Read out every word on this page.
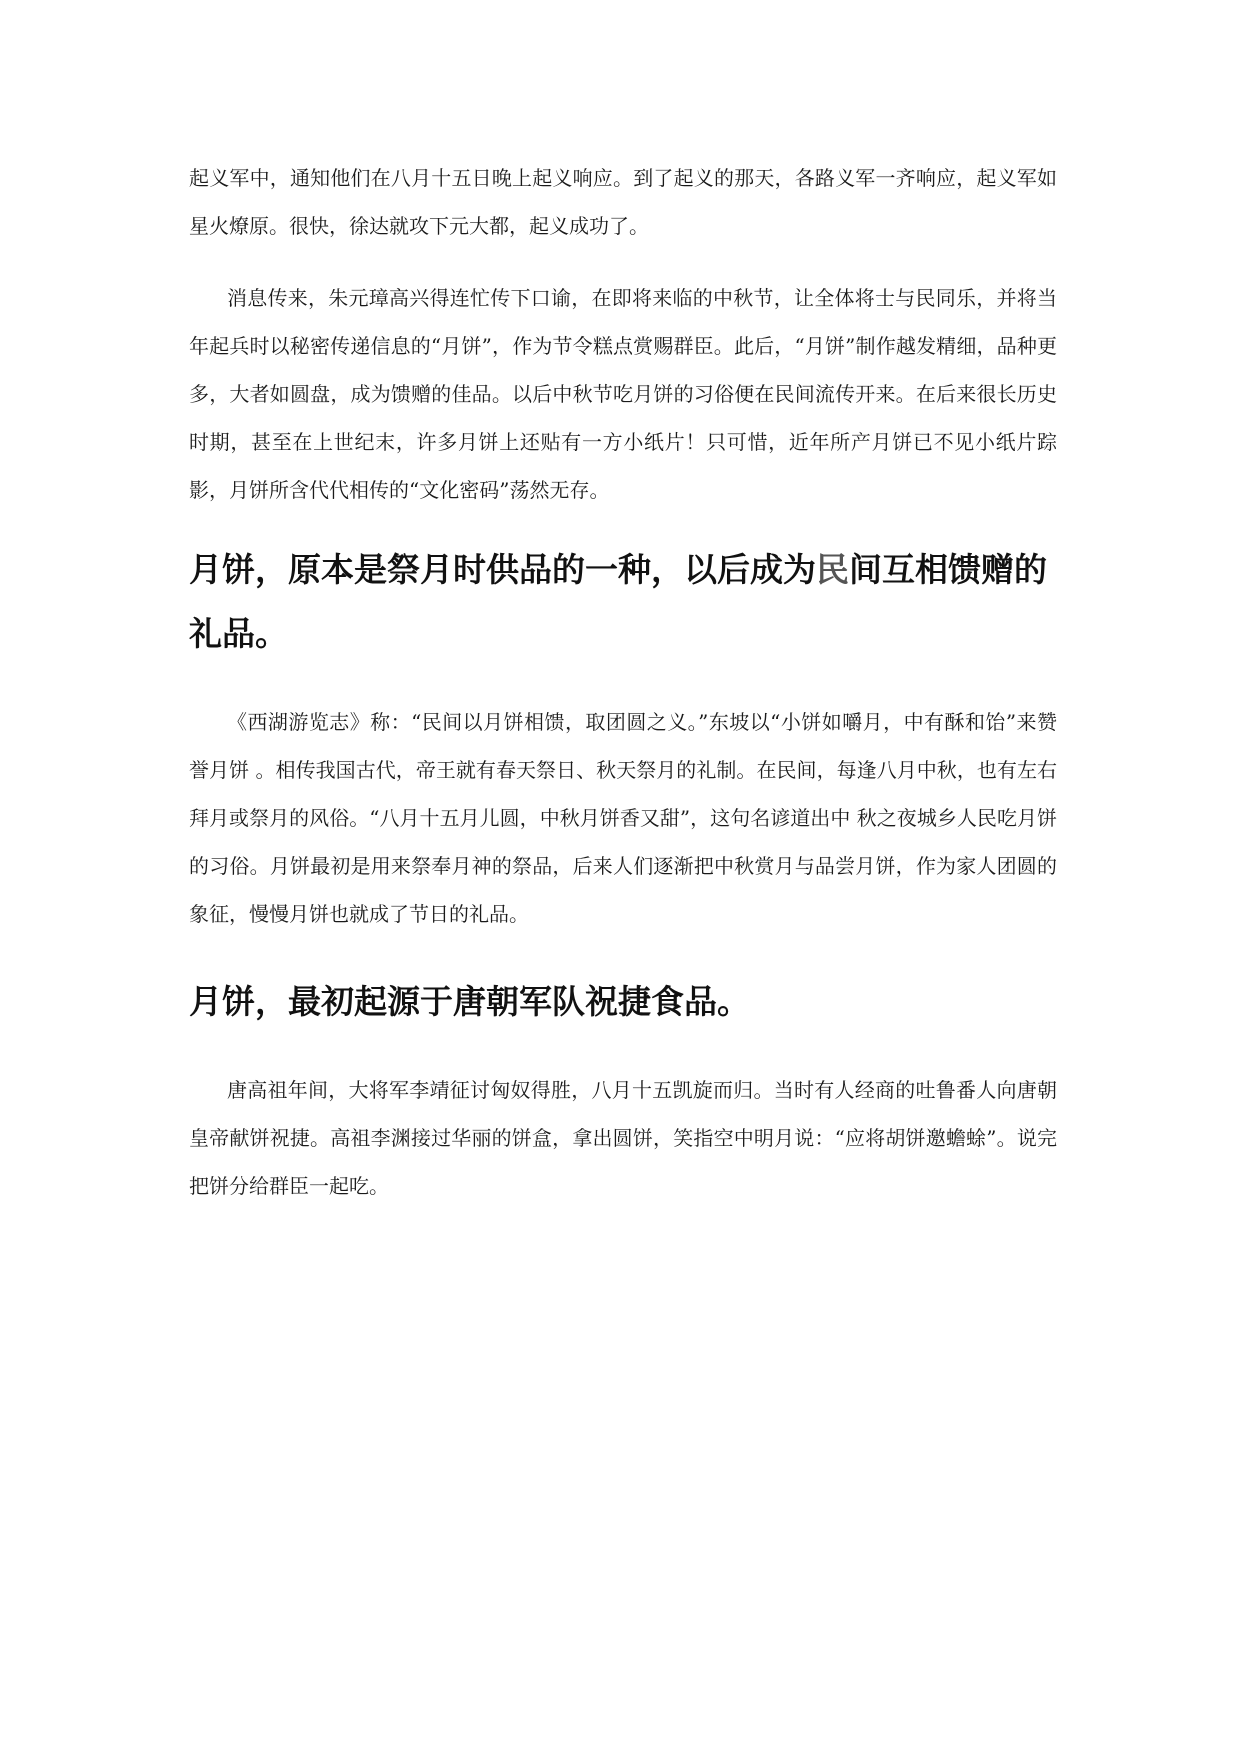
起义军中，通知他们在八月十五日晚上起义响应。到了起义的那天，各路义军一齐响应，起义军如星火燎原。很快，徐达就攻下元大都，起义成功了。

消息传来，朱元璋高兴得连忙传下口谕，在即将来临的中秋节，让全体将士与民同乐，并将当年起兵时以秘密传递信息的“月饼”，作为节令糕点赏赐群臣。此后，“月饼”制作越发精细，品种更多，大者如圆盘，成为馈赠的佳品。以后中秋节吃月饼的习俗便在民间流传开来。在后来很长历史时期，甚至在上世纪末，许多月饼上还贴有一方小纸片！只可惜，近年所产月饼已不见小纸片踪影，月饼所含代代相传的“文化密码”荡然无存。

月饼，原本是祭月时供品的一种，以后成为民间互相馈赠的礼品。

《西湖游览志》称：“民间以月饼相馈，取团圆之义。”东坡以“小饼如嚼月，中有酥和饴”来赞誉月饼 。相传我国古代，帝王就有春天祭日、秋天祭月的礼制。在民间，每逢八月中秋，也有左右拜月或祭月的风俗。“八月十五月儿圆，中秋月饼香又甜”，这句名谚道出中 秋之夜城乡人民吃月饼的习俗。月饼最初是用来祭奉月神的祭品，后来人们逐渐把中秋赏月与品尝月饼，作为家人团圆的象征，慢慢月饼也就成了节日的礼品。

月饼，最初起源于唐朝军队祝捷食品。

唐高祖年间，大将军李靖征讨匈奴得胜，八月十五凯旋而归。当时有人经商的吐鲁番人向唐朝皇帝献饼祝捷。高祖李渊接过华丽的饼盒，拿出圆饼，笑指空中明月说：“应将胡饼邀蟾蜍”。说完把饼分给群臣一起吃。
